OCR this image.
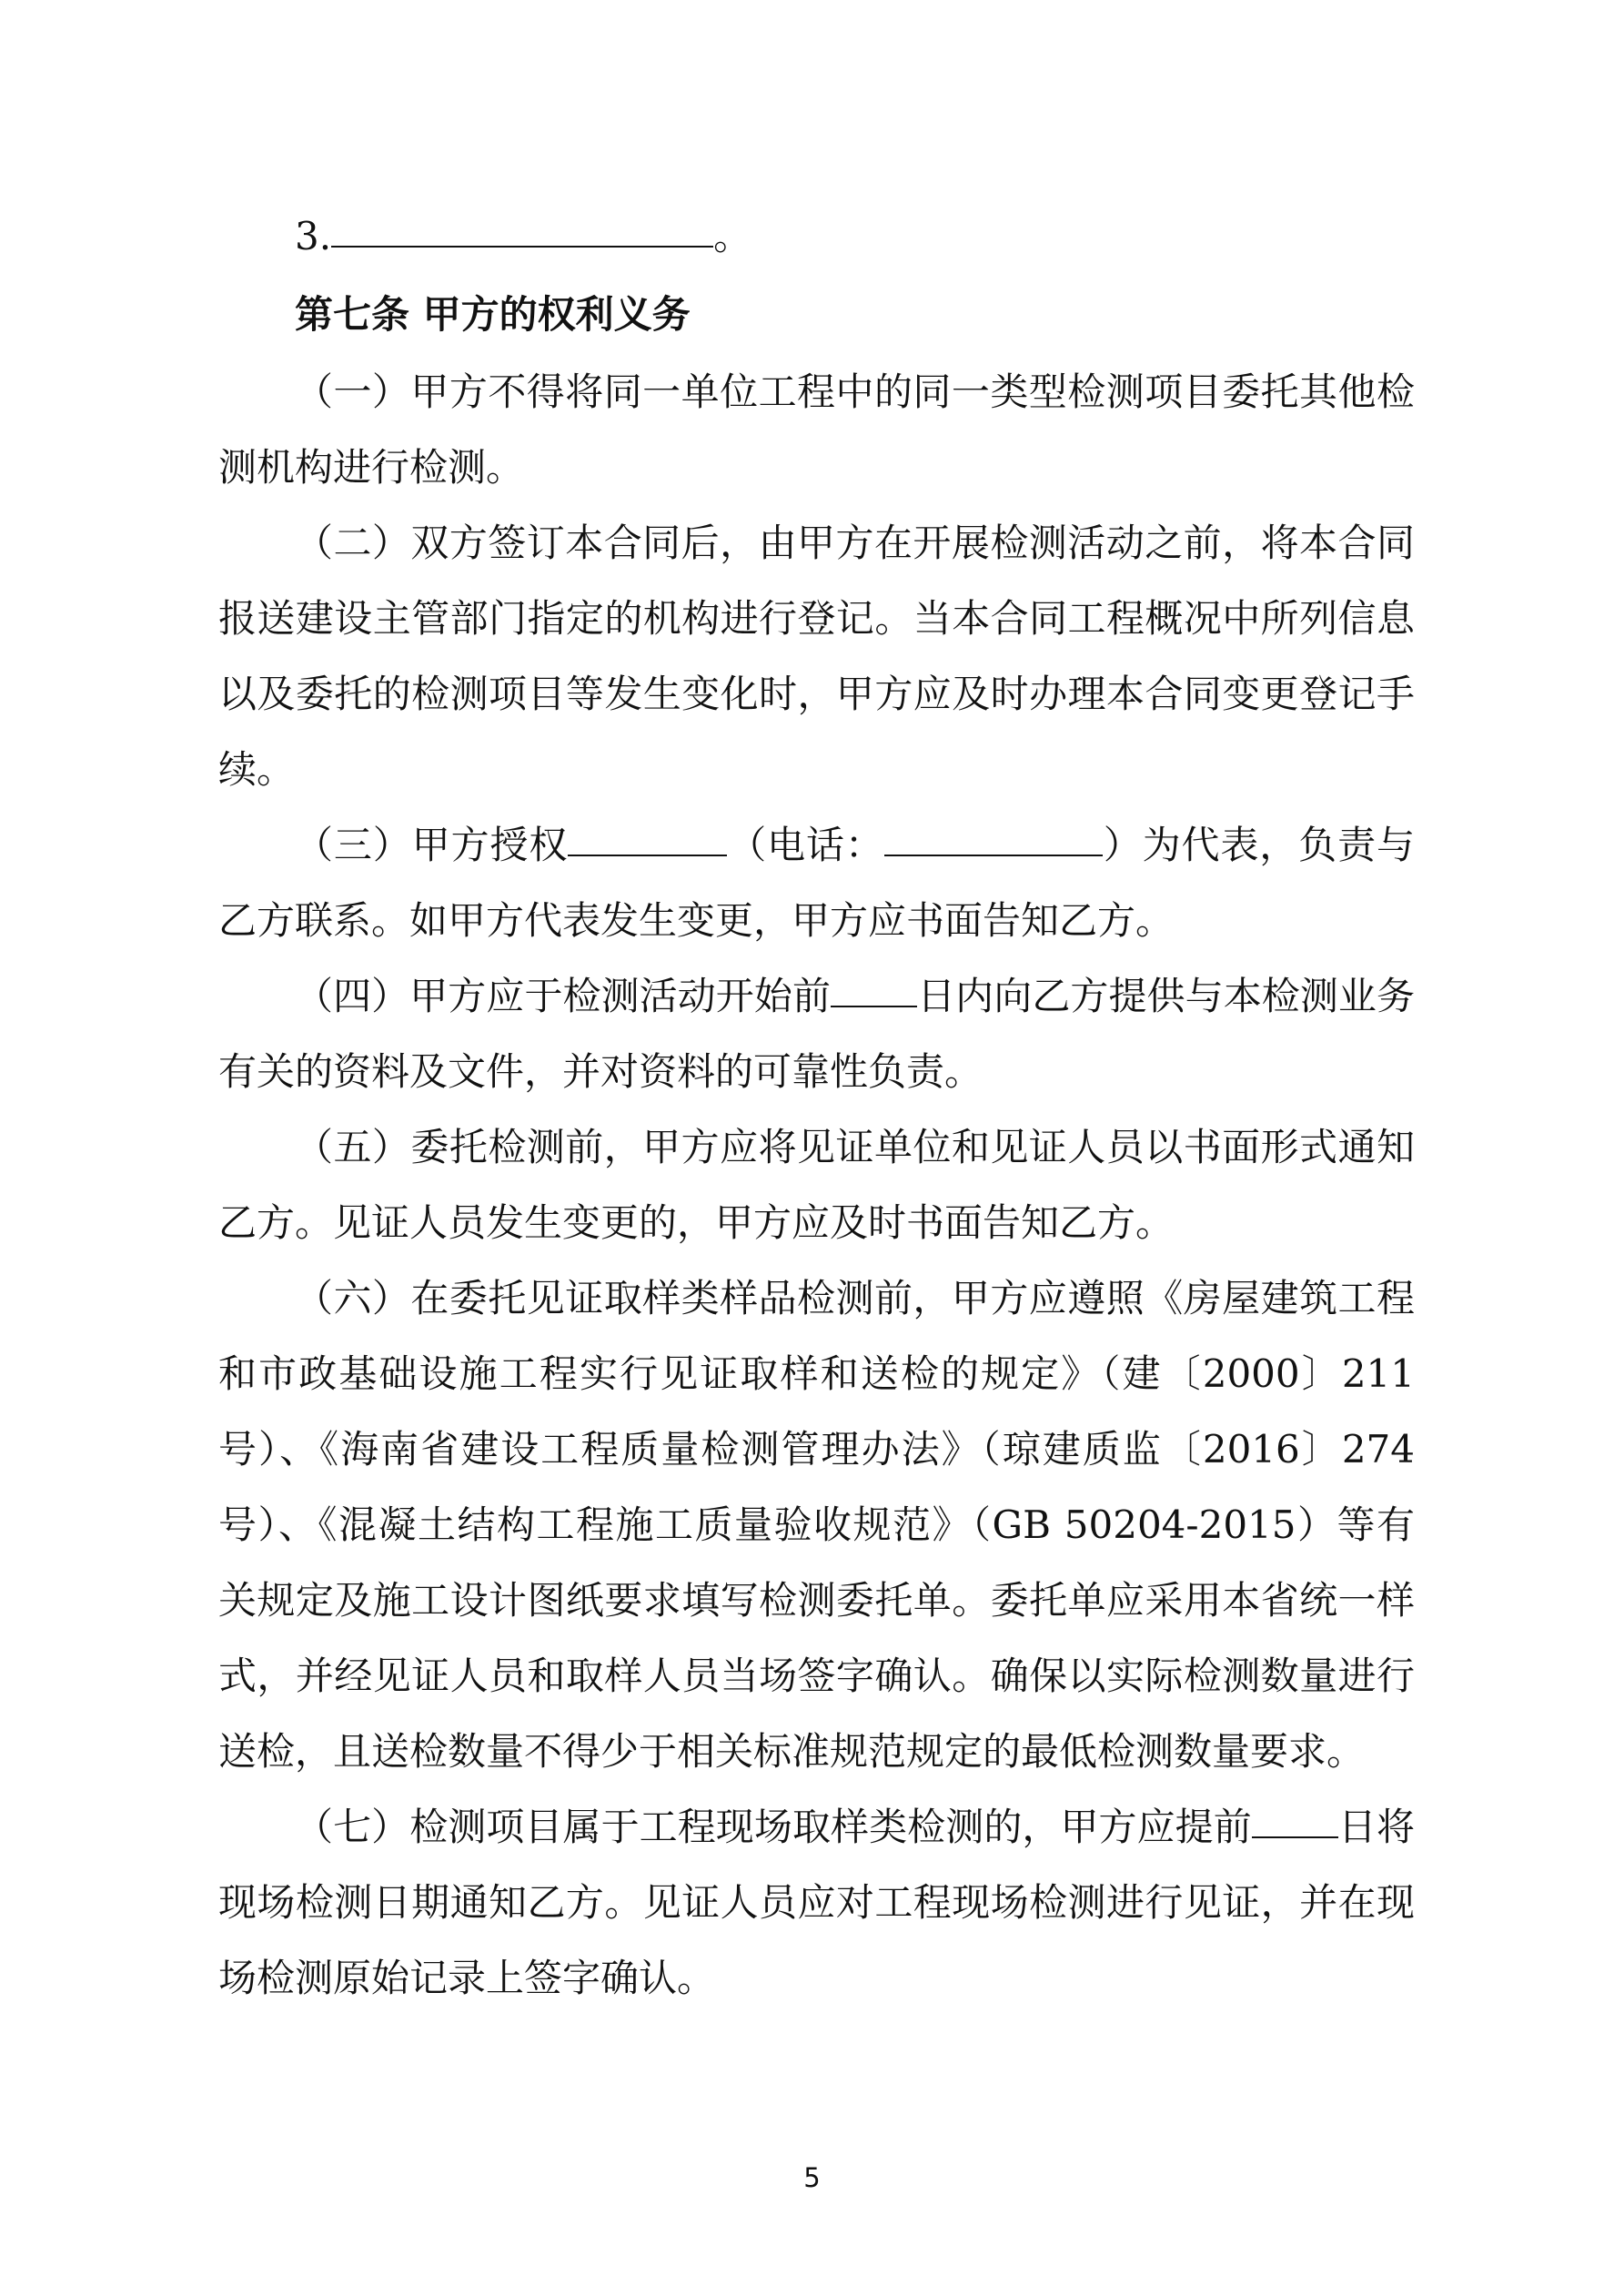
3.	。

第七条 甲方的权利义务

（一）甲方不得将同一单位工程中的同一类型检测项目委托其他检测机构进行检测。

（二）双方签订本合同后，由甲方在开展检测活动之前，将本合同报送建设主管部门指定的机构进行登记。当本合同工程概况中所列信息以及委托的检测项目等发生变化时，甲方应及时办理本合同变更登记手续。

（三）甲方授权	（电话：	）为代表，负责与乙方联系。如甲方代表发生变更，甲方应书面告知乙方。

（四）甲方应于检测活动开始前 日内向乙方提供与本检测业务有关的资料及文件，并对资料的可靠性负责。

（五）委托检测前，甲方应将见证单位和见证人员以书面形式通知乙方。见证人员发生变更的，甲方应及时书面告知乙方。

（六）在委托见证取样类样品检测前，甲方应遵照《房屋建筑工程和市政基础设施工程实行见证取样和送检的规定》（建〔2000〕211 号）、《海南省建设工程质量检测管理办法》（琼建质监〔2016〕274 号）、《混凝土结构工程施工质量验收规范》（GB 50204-2015）等有关规定及施工设计图纸要求填写检测委托单。委托单应采用本省统一样式，并经见证人员和取样人员当场签字确认。确保以实际检测数量进行送检，且送检数量不得少于相关标准规范规定的最低检测数量要求。

（七）检测项目属于工程现场取样类检测的，甲方应提前 日将现场检测日期通知乙方。见证人员应对工程现场检测进行见证，并在现场检测原始记录上签字确认。

5
